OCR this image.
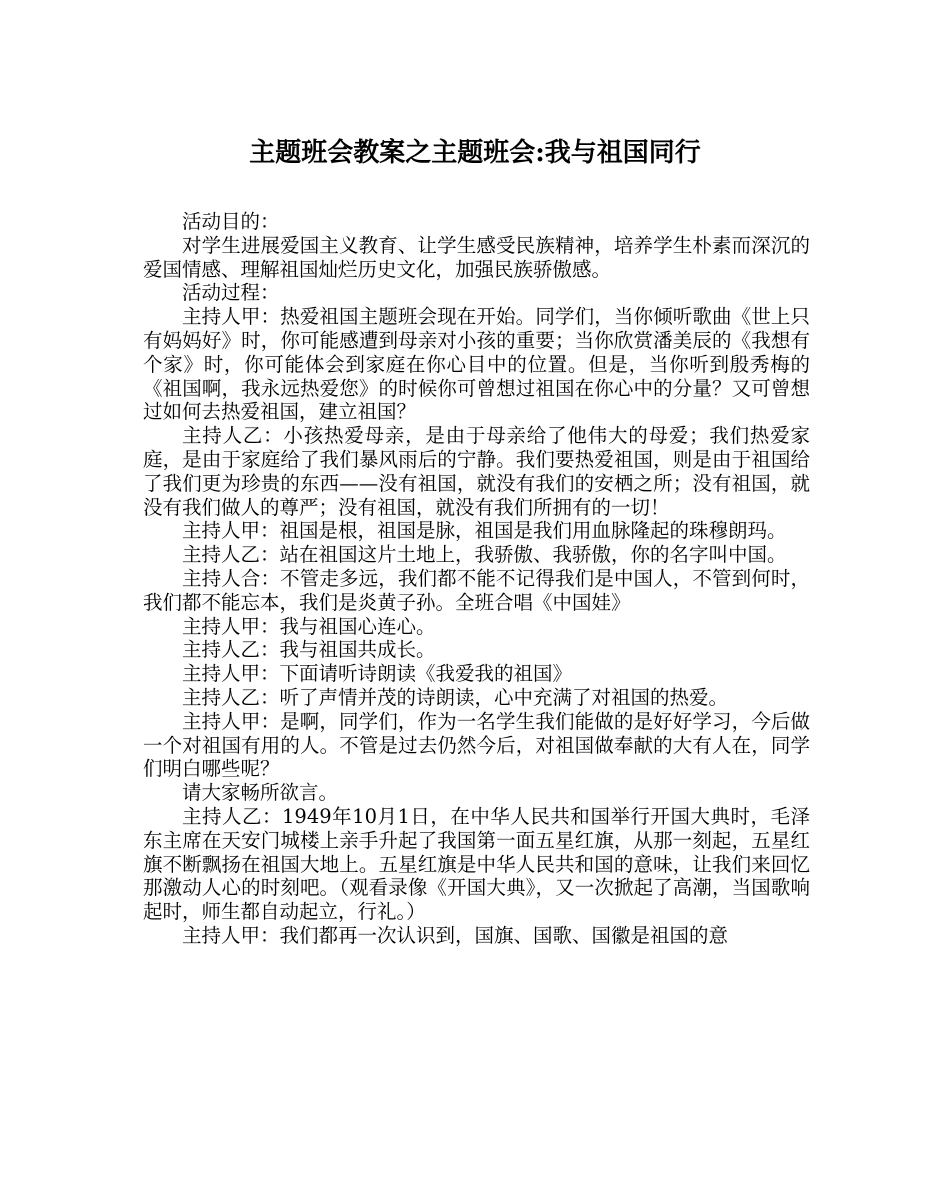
主题班会教案之主题班会:我与祖国同行

活动目的：

对学生进展爱国主义教育、让学生感受民族精神，培养学生朴素而深沉的爱国情感、理解祖国灿烂历史文化，加强民族骄傲感。

活动过程：

主持人甲：热爱祖国主题班会现在开始。同学们，当你倾听歌曲《世上只有妈妈好》时，你可能感遭到母亲对小孩的重要；当你欣赏潘美辰的《我想有个家》时，你可能体会到家庭在你心目中的位置。但是，当你听到殷秀梅的《祖国啊，我永远热爱您》的时候你可曾想过祖国在你心中的分量？又可曾想过如何去热爱祖国，建立祖国？

主持人乙：小孩热爱母亲，是由于母亲给了他伟大的母爱；我们热爱家庭，是由于家庭给了我们暴风雨后的宁静。我们要热爱祖国，则是由于祖国给了我们更为珍贵的东西——没有祖国，就没有我们的安栖之所；没有祖国，就没有我们做人的尊严；没有祖国，就没有我们所拥有的一切！

主持人甲：祖国是根，祖国是脉，祖国是我们用血脉隆起的珠穆朗玛。

主持人乙：站在祖国这片土地上，我骄傲、我骄傲，你的名字叫中国。

主持人合：不管走多远，我们都不能不记得我们是中国人，不管到何时，我们都不能忘本，我们是炎黄子孙。全班合唱《中国娃》

主持人甲：我与祖国心连心。

主持人乙：我与祖国共成长。

主持人甲：下面请听诗朗读《我爱我的祖国》

主持人乙：听了声情并茂的诗朗读，心中充满了对祖国的热爱。

主持人甲：是啊，同学们，作为一名学生我们能做的是好好学习，今后做一个对祖国有用的人。不管是过去仍然今后，对祖国做奉献的大有人在，同学们明白哪些呢？

请大家畅所欲言。

主持人乙：1949年10月1日，在中华人民共和国举行开国大典时，毛泽东主席在天安门城楼上亲手升起了我国第一面五星红旗，从那一刻起，五星红旗不断飘扬在祖国大地上。五星红旗是中华人民共和国的意味，让我们来回忆那激动人心的时刻吧。（观看录像《开国大典》，又一次掀起了高潮，当国歌响起时，师生都自动起立，行礼。）

主持人甲：我们都再一次认识到，国旗、国歌、国徽是祖国的意
